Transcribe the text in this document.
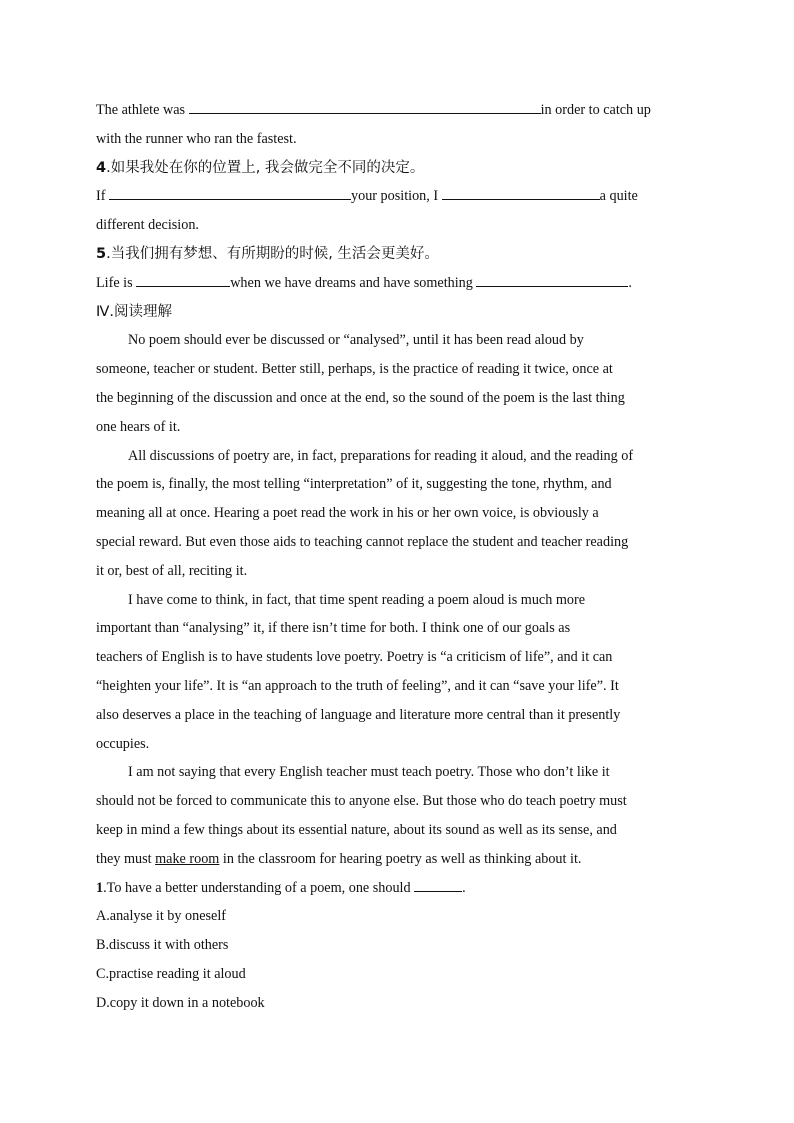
The athlete was	in order to catch up
with the runner who ran the fastest.
4.如果我处在你的位置上, 我会做完全不同的决定。
If	your position, I	a quite
different decision.
5.当我们拥有梦想、有所期盼的时候, 生活会更美好。
Life is	when we have dreams and have something	.
Ⅳ.阅读理解
No poem should ever be discussed or “analysed”, until it has been read aloud by
someone, teacher or student. Better still, perhaps, is the practice of reading it twice, once at
the beginning of the discussion and once at the end, so the sound of the poem is the last thing
one hears of it.
All discussions of poetry are, in fact, preparations for reading it aloud, and the reading of
the poem is, finally, the most telling “interpretation” of it, suggesting the tone, rhythm, and
meaning all at once. Hearing a poet read the work in his or her own voice, is obviously a
special reward. But even those aids to teaching cannot replace the student and teacher reading
it or, best of all, reciting it.
I have come to think, in fact, that time spent reading a poem aloud is much more
important than “analysing” it, if there isn’t time for both. I think one of our goals as
teachers of English is to have students love poetry. Poetry is “a criticism of life”, and it can
“heighten your life”. It is “an approach to the truth of feeling”, and it can “save your life”. It
also deserves a place in the teaching of language and literature more central than it presently
occupies.
I am not saying that every English teacher must teach poetry. Those who don’t like it
should not be forced to communicate this to anyone else. But those who do teach poetry must
keep in mind a few things about its essential nature, about its sound as well as its sense, and
they must make room in the classroom for hearing poetry as well as thinking about it.
1.To have a better understanding of a poem, one should	.
A.analyse it by oneself
B.discuss it with others
C.practise reading it aloud
D.copy it down in a notebook
